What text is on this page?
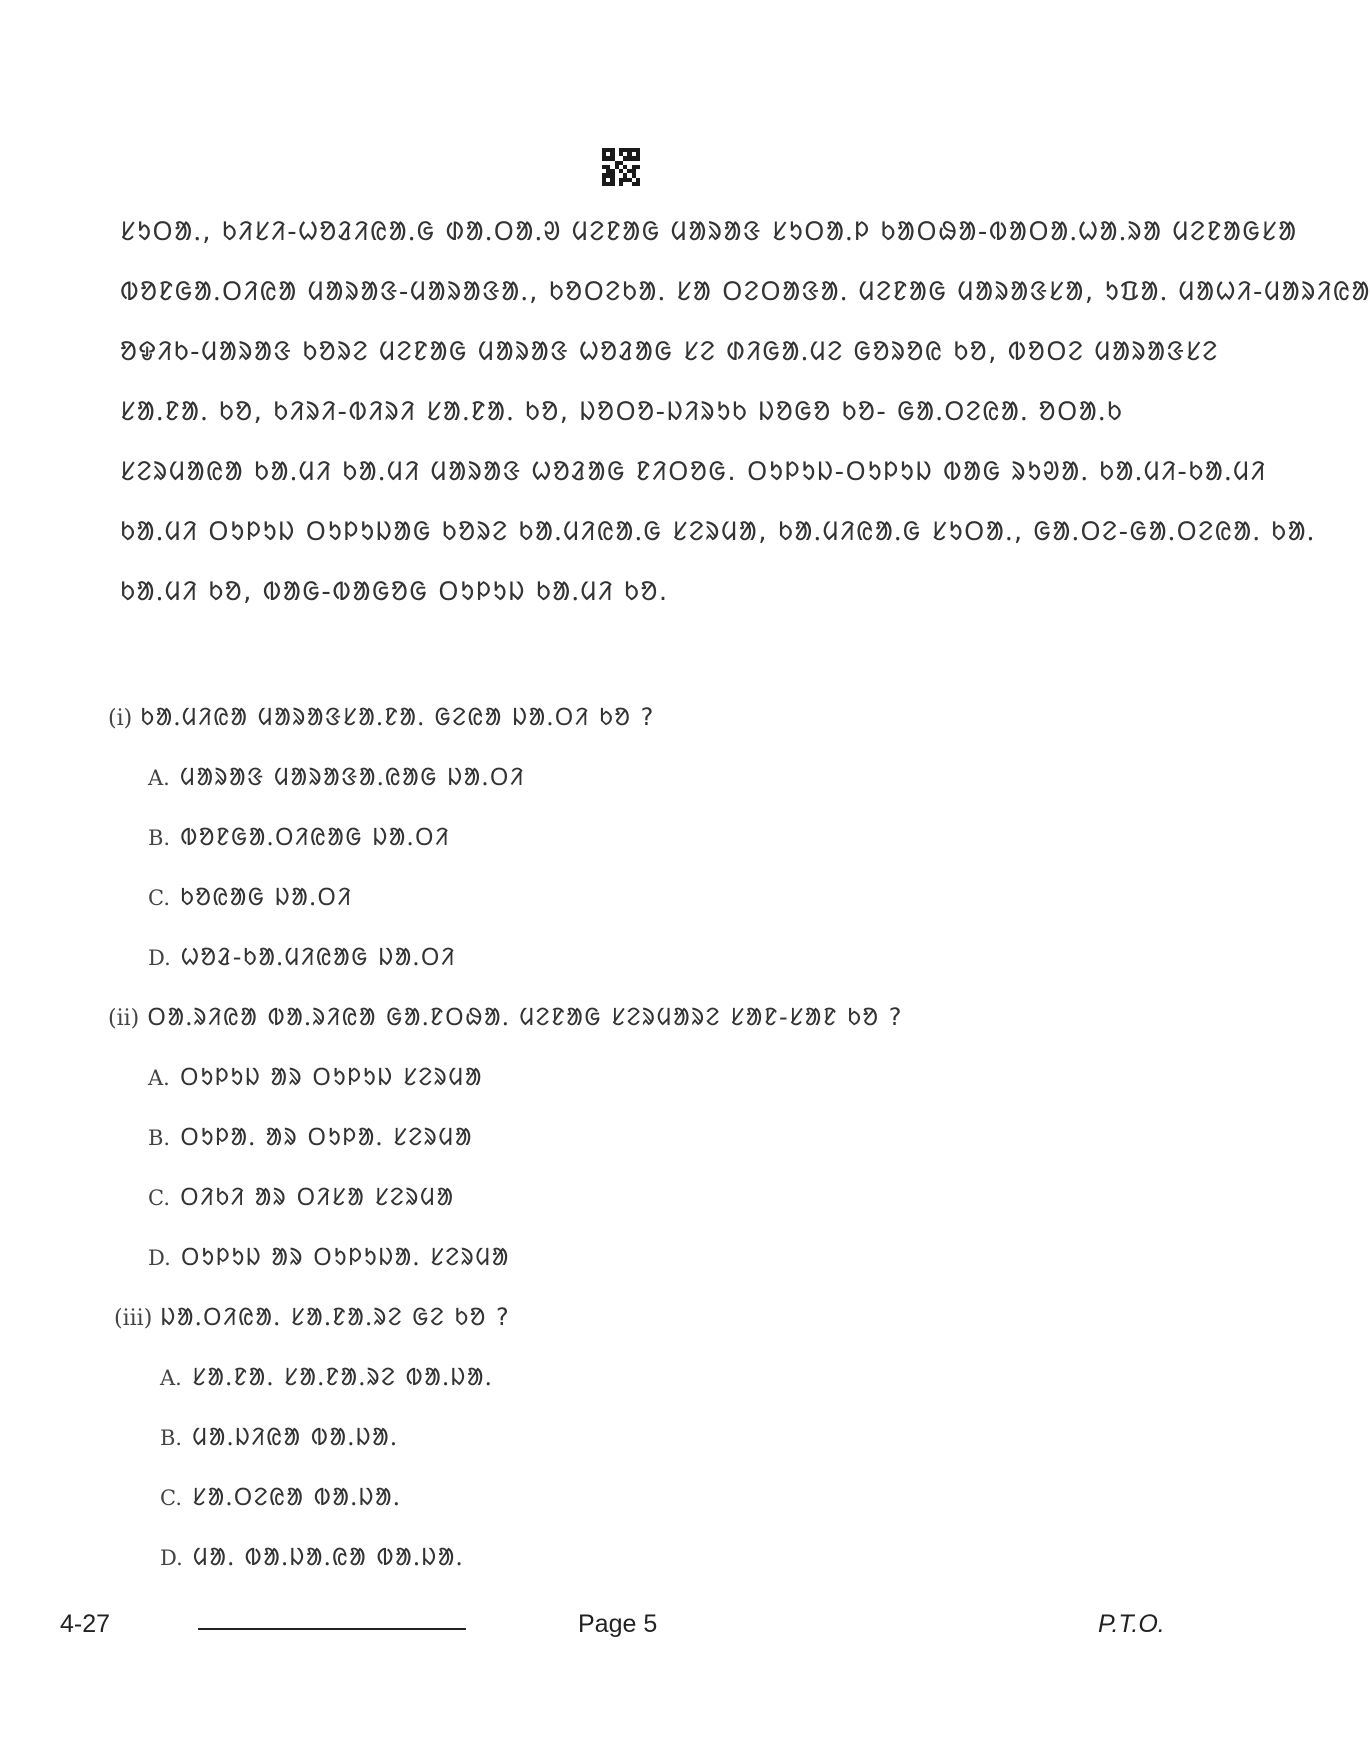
ᱥᱩᱛᱟᱹ, ᱠᱤᱥᱤ-ᱦᱚᱲᱤᱭᱟᱹᱜ ᱰᱟᱹᱛᱟᱹᱣ ᱢᱮᱱᱟᱜ ᱢᱟᱨᱟᱝ ᱥᱩᱛᱟᱹᱞ ᱠᱟᱛᱷᱟ-ᱵᱟᱛᱟᱹᱦᱟᱹᱨᱟ ᱢᱮᱱᱟᱜᱥᱟ
ᱵᱚᱱᱜᱟᱹᱛᱤᱭᱟ ᱢᱟᱨᱟᱝ-ᱢᱟᱨᱟᱝᱟᱹ, ᱠᱚᱛᱮᱠᱟᱹ ᱥᱟ ᱛᱮᱛᱟᱝᱟᱹ ᱢᱮᱱᱟᱜ ᱢᱟᱨᱟᱝᱥᱟ, ᱩᱯᱟᱹ ᱢᱟᱦᱤ-ᱢᱟᱨᱤᱭᱟ
ᱚᱫᱤᱠ-ᱢᱟᱨᱟᱝ ᱠᱚᱨᱮ ᱢᱮᱱᱟᱜ ᱢᱟᱨᱟᱝ ᱦᱚᱲᱟᱜ ᱥᱮ ᱰᱤᱜᱟᱹᱢᱮ ᱜᱚᱨᱚᱭ ᱠᱚ, ᱵᱚᱛᱮ ᱢᱟᱨᱟᱝᱥᱮ
ᱥᱟᱹᱱᱟᱹ ᱠᱚ, ᱠᱤᱨᱤ-ᱵᱤᱨᱤ ᱥᱟᱹᱱᱟᱹ ᱠᱚ, ᱡᱚᱛᱚ-ᱡᱤᱨᱩᱠ ᱡᱚᱜᱚ ᱠᱚ- ᱜᱟᱹᱛᱮᱭᱟᱹ ᱚᱛᱟᱹᱠ
ᱥᱮᱨᱢᱟᱭᱟ ᱠᱟᱹᱢᱤ ᱠᱟᱹᱢᱤ ᱢᱟᱨᱟᱝ ᱦᱚᱲᱟᱜ ᱱᱤᱛᱚᱜ. ᱛᱩᱞᱩᱡ-ᱛᱩᱞᱩᱡ ᱵᱟᱜ ᱨᱩᱣᱟᱹ ᱠᱟᱹᱢᱤ-ᱠᱟᱹᱢᱤ
ᱠᱟᱹᱢᱤ ᱛᱩᱞᱩᱡ ᱛᱩᱞᱩᱡᱟᱜ ᱠᱚᱨᱮ ᱠᱟᱹᱢᱤᱭᱟᱹᱜ ᱥᱮᱨᱢᱟ, ᱠᱟᱹᱢᱤᱭᱟᱹᱜ ᱥᱩᱛᱟᱹ, ᱜᱟᱹᱛᱮ-ᱜᱟᱹᱛᱮᱭᱟᱹ ᱠᱟᱹ
ᱠᱟᱹᱢᱤ ᱠᱚ, ᱵᱟᱜ-ᱵᱟᱜᱚᱜ ᱛᱩᱞᱩᱡ ᱠᱟᱹᱢᱤ ᱠᱚ.
(i) ᱠᱟᱹᱢᱤᱭᱟ ᱢᱟᱨᱟᱝᱥᱟᱹᱱᱟᱹ ᱜᱮᱭᱟ ᱡᱟᱹᱛᱤ ᱠᱚ ?
A. ᱢᱟᱨᱟᱝ ᱢᱟᱨᱟᱝᱟᱹᱭᱟᱜ ᱡᱟᱹᱛᱤ
B. ᱵᱚᱱᱜᱟᱹᱛᱤᱭᱟᱜ ᱡᱟᱹᱛᱤ
C. ᱠᱚᱭᱟᱜ ᱡᱟᱹᱛᱤ
D. ᱦᱚᱲ-ᱠᱟᱹᱢᱤᱭᱟᱜ ᱡᱟᱹᱛᱤ
(ii) ᱛᱟᱹᱨᱤᱭᱟ ᱵᱟᱹᱨᱤᱭᱟ ᱜᱟᱹᱱᱛᱷᱟᱹ ᱢᱮᱱᱟᱜ ᱥᱮᱨᱢᱟᱨᱮ ᱥᱟᱱ-ᱥᱟᱱ ᱠᱚ ?
A. ᱛᱩᱞᱩᱡ ᱟᱨ ᱛᱩᱞᱩᱡ ᱥᱮᱨᱢᱟ
B. ᱛᱩᱞᱟᱹ ᱟᱨ ᱛᱩᱞᱟᱹ ᱥᱮᱨᱢᱟ
C. ᱛᱤᱠᱤ ᱟᱨ ᱛᱤᱥᱟ ᱥᱮᱨᱢᱟ
D. ᱛᱩᱞᱩᱡ ᱟᱨ ᱛᱩᱞᱩᱡᱟᱹ ᱥᱮᱨᱢᱟ
(iii) ᱡᱟᱹᱛᱤᱭᱟᱹ ᱥᱟᱹᱱᱟᱹᱨᱮ ᱜᱮ ᱠᱚ ?
A. ᱥᱟᱹᱱᱟᱹ ᱥᱟᱹᱱᱟᱹᱨᱮ ᱵᱟᱹᱡᱟᱹ
B. ᱢᱟᱹᱡᱤᱭᱟ ᱵᱟᱹᱡᱟᱹ
C. ᱥᱟᱹᱛᱮᱭᱟ ᱵᱟᱹᱡᱟᱹ
D. ᱢᱟᱹ ᱵᱟᱹᱡᱟᱹᱭᱟ ᱵᱟᱹᱡᱟᱹ
4-27	Page 5	P.T.O.
